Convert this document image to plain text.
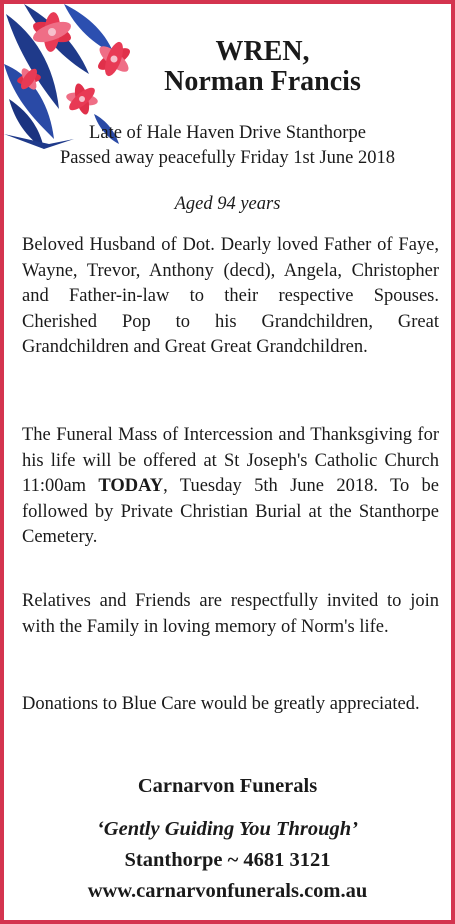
WREN,
Norman Francis
Late of Hale Haven Drive Stanthorpe
Passed away peacefully Friday 1st June 2018
Aged 94 years

Beloved Husband of Dot. Dearly loved Father of Faye, Wayne, Trevor, Anthony (decd), Angela, Christopher and Father-in-law to their respective Spouses. Cherished Pop to his Grandchildren, Great Grandchildren and Great Great Grandchildren.

The Funeral Mass of Intercession and Thanksgiving for his life will be offered at St Joseph's Catholic Church 11:00am TODAY, Tuesday 5th June 2018. To be followed by Private Christian Burial at the Stanthorpe Cemetery.

Relatives and Friends are respectfully invited to join with the Family in loving memory of Norm's life.

Donations to Blue Care would be greatly appreciated.

Carnarvon Funerals
‘Gently Guiding You Through’
Stanthorpe ~ 4681 3121
www.carnarvonfunerals.com.au
